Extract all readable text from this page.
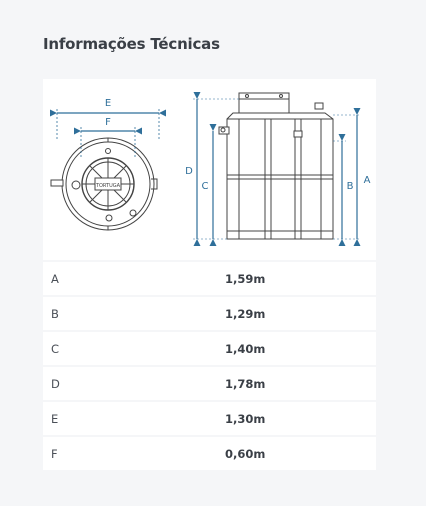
Informações Técnicas
TORTUGA
E
F
D
C	B
A
A	1,59m
B	1,29m
C	1,40m
D	1,78m
E	1,30m
F	0,60m
